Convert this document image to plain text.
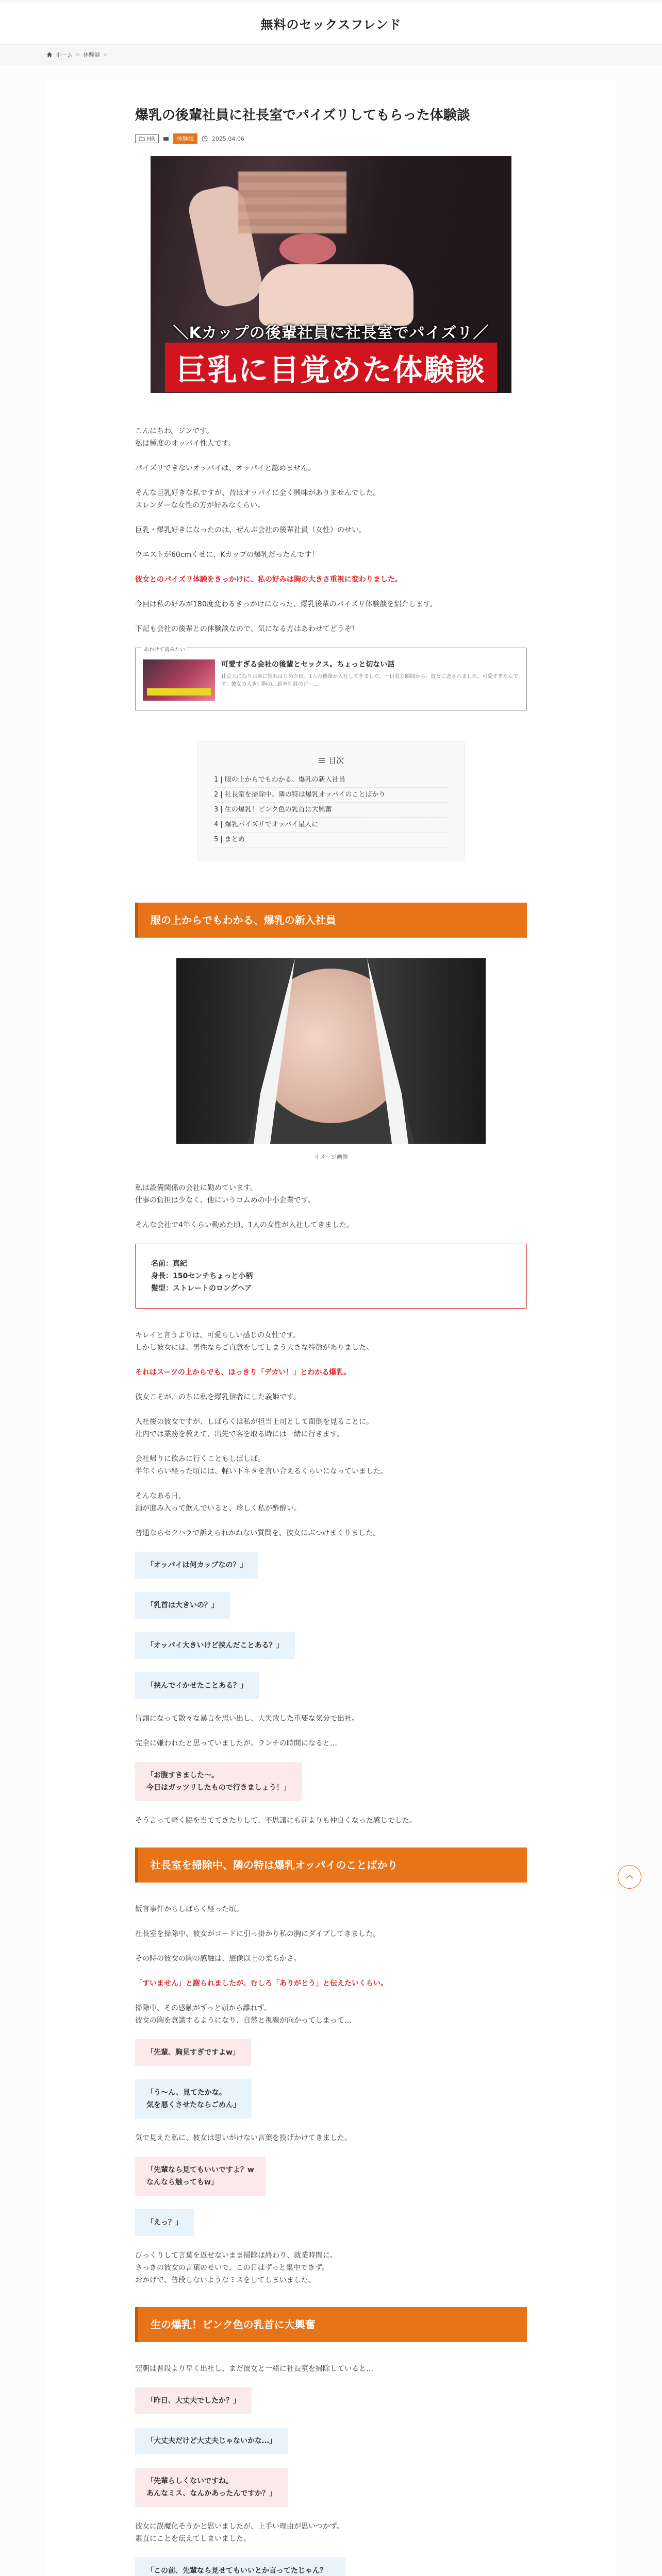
無料のセックスフレンド
ホーム > 体験談 >
爆乳の後輩社員に社長室でパイズリしてもらった体験談
HR	体験談	2025.04.06
＼Kカップの後輩社員に社長室でパイズリ／
巨乳に目覚めた体験談

こんにちわ。ジンです。
私は極度のオッパイ性人です。

パイズリできないオッパイは、オッパイと認めません。

そんな巨乳好きな私ですが、昔はオッパイに全く興味がありませんでした。
スレンダーな女性の方が好みなくらい。

巨乳・爆乳好きになったのは、ぜんぶ会社の後輩社員（女性）のせい。

ウエストが60cmくせに、Kカップの爆乳だったんです！

彼女とのパイズリ体験をきっかけに、私の好みは胸の大きさ重視に変わりました。

今回は私の好みが180度変わるきっかけになった、爆乳後輩のパイズリ体験談を紹介します。

下記も会社の後輩との体験談なので、気になる方はあわせてどうぞ！

あわせて読みたい
可愛すぎる会社の後輩とセックス。ちょっと切ない話
社会人になりお客に慣れはじめた頃、1人の後輩が入社してきました。一目見た瞬間から、彼女に恋されました。可愛すぎたんです。彼女の大きい胸の。新卒社員のジー...
目次
1 | 服の上からでもわかる、爆乳の新入社員
2 | 社長室を掃除中、隣の特は爆乳オッパイのことばかり
3 | 生の爆乳！ピンク色の乳首に大興奮
4 | 爆乳パイズリでオッパイ星人に
5 | まとめ
服の上からでもわかる、爆乳の新入社員
イメージ画像

私は設備関係の会社に勤めています。
仕事の負担は少なく、他にいうコムめの中小企業です。

そんな会社で4年くらい勤めた頃、1人の女性が入社してきました。

名前：真紀
身長：150センチちょっと小柄
髪型：ストレートのロングヘア

キレイと言うよりは、可愛らしい感じの女性です。
しかし彼女には、男性ならご直意をしてしまう大きな特徴がありました。

それはスーツの上からでも、はっきり「デカい！」とわかる爆乳。

彼女こそが、のちに私を爆乳信者にした義姫です。

入社後の彼女ですが、しばらくは私が担当上司として面倒を見ることに。
社内では業務を教えて、出先で客を取る時には一緒に行きます。

会社帰りに飲みに行くこともしばしば。
半年くらい経った頃には、軽い下ネタを言い合えるくらいになっていました。

そんなある日。
酒が進み入って飲んでいると、珍しく私が酔酔い。

普通ならセクハラで訴えられかねない質問を、彼女にぶつけまくりました。

「オッパイは何カップなの？」
「乳首は大きいの？」
「オッパイ大きいけど挟んだことある？」
「挟んでイかせたことある？」

冒頭になって散々な暴言を思い出し、大失敗した重要な気分で出社。

完全に嫌われたと思っていましたが、ランチの時間になると…

「お腹すきました〜。
今日はガッツリしたもので行きましょう！」

そう言って軽く脇を当ててきたりして、不思議にも前よりも仲良くなった感じでした。

社長室を掃除中、隣の特は爆乳オッパイのことばかり

飯言事件からしばらく経った頃。

社長室を掃除中、彼女がコードに引っ掛かり私の胸にダイブしてきました。

その時の彼女の胸の感触は、想像以上の柔らかさ。

「すいません」と謝られましたが、むしろ「ありがとう」と伝えたいくらい。

掃除中、その感触がずっと頭から離れず。
彼女の胸を意識するようになり、自然と視線が向かってしまって…

「先輩、胸見すぎですよw」
「う〜ん、見てたかな。
気を悪くさせたならごめん」

気で見えた私に、彼女は思いがけない言葉を投げかけてきました。

「先輩なら見てもいいですよ？w
なんなら触ってもw」
「えっ？」

びっくりして言葉を返せないまま掃除は終わり、就業時間に。
さっきの彼女の言葉のせいで、この日はずっと集中できず。
おかげで、普段しないようなミスをしてしまいました。

生の爆乳！ピンク色の乳首に大興奮

翌朝は普段より早く出社し、まだ彼女と一緒に社長室を掃除していると…

「昨日、大丈夫でしたか？」
「大丈夫だけど大丈夫じゃないかな…」
「先輩らしくないですね。
あんなミス、なんかあったんですか？」

彼女に誤魔化そうかと思いましたが、上手い理由が思いつかず。
素直にことを伝えてしまいました。

「この前、先輩なら見せてもいいとか言ってたじゃん？
